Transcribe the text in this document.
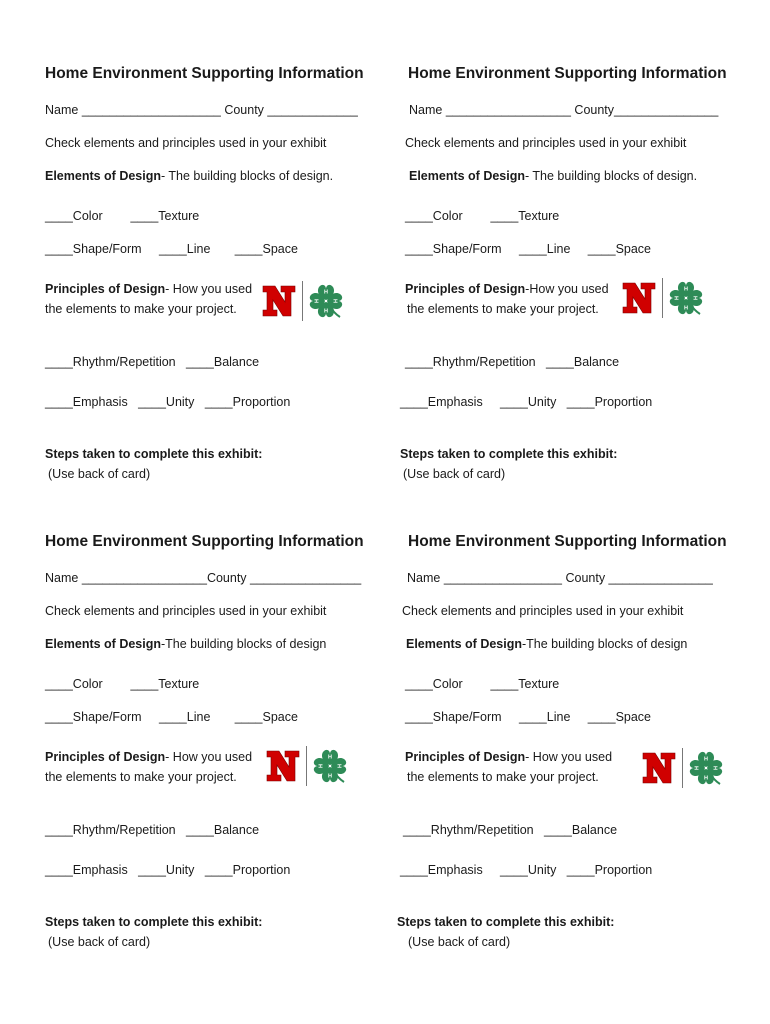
Home Environment Supporting Information
Name ____________________ County _____________
Check elements and principles used in your exhibit
Elements of Design- The building blocks of design.
____Color        ____Texture
____Shape/Form     ____Line       ____Space
Principles of Design- How you used
the elements to make your project.
H
H
H
H
____Rhythm/Repetition   ____Balance
____Emphasis   ____Unity   ____Proportion
Steps taken to complete this exhibit:
(Use back of card)
Home Environment Supporting Information
Name __________________ County_______________
Check elements and principles used in your exhibit
Elements of Design- The building blocks of design.
____Color        ____Texture
____Shape/Form     ____Line     ____Space
Principles of Design-How you used
the elements to make your project.
H
H
H
H
____Rhythm/Repetition   ____Balance
____Emphasis     ____Unity   ____Proportion
Steps taken to complete this exhibit:
(Use back of card)
Home Environment Supporting Information
Name __________________County ________________
Check elements and principles used in your exhibit
Elements of Design-The building blocks of design
____Color        ____Texture
____Shape/Form     ____Line       ____Space
Principles of Design- How you used
the elements to make your project.
H
H
H
H
____Rhythm/Repetition   ____Balance
____Emphasis   ____Unity   ____Proportion
Steps taken to complete this exhibit:
(Use back of card)
Home Environment Supporting Information
Name _________________ County _______________
Check elements and principles used in your exhibit
Elements of Design-The building blocks of design
____Color        ____Texture
____Shape/Form     ____Line     ____Space
Principles of Design- How you used
the elements to make your project.
H
H
H
H
____Rhythm/Repetition   ____Balance
____Emphasis     ____Unity   ____Proportion
Steps taken to complete this exhibit:
(Use back of card)
